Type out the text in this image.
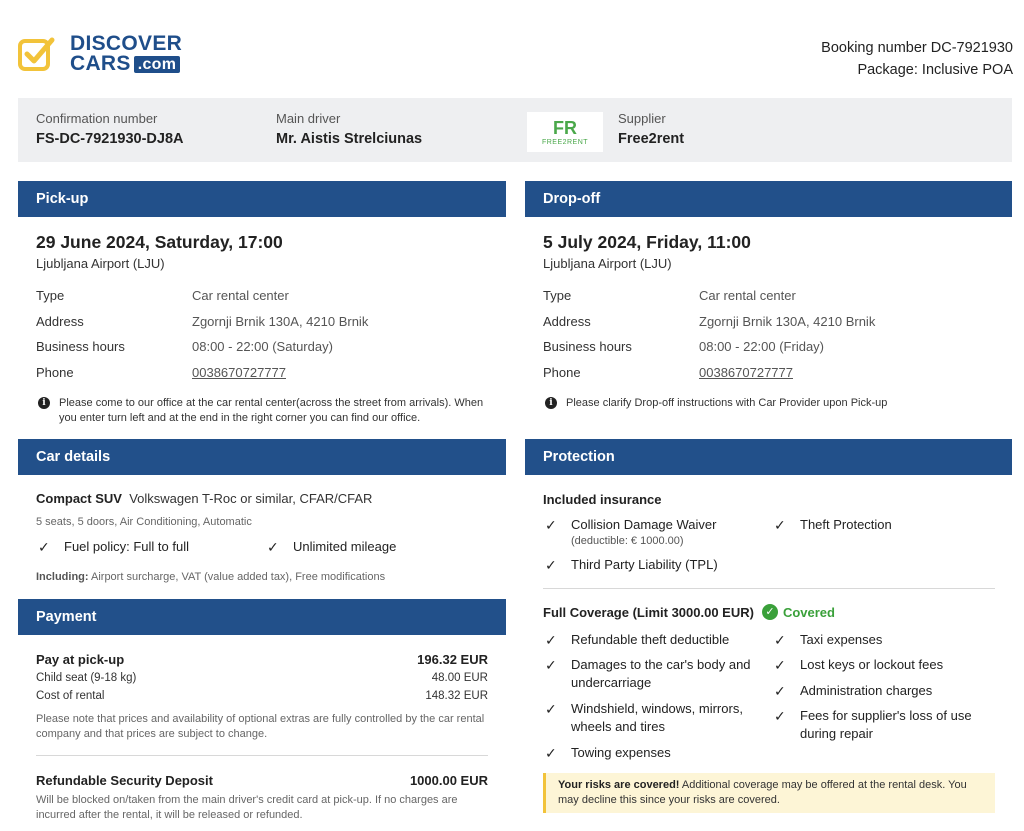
DISCOVER
CARS .com
Booking number DC-7921930
Package: Inclusive POA
Confirmation number
FS-DC-7921930-DJ8A
Main driver
Mr. Aistis Strelciunas
FR
FREE2RENT
Supplier
Free2rent
Pick-up
29 June 2024, Saturday, 17:00
Ljubljana Airport (LJU)
Type	Car rental center
Address	Zgornji Brnik 130A, 4210 Brnik
Business hours	08:00 - 22:00 (Saturday)
Phone	0038670727777
i	Please come to our office at the car rental center(across the street from arrivals). When you enter turn left and at the end in the right corner you can find our office.
Drop-off
5 July 2024, Friday, 11:00
Ljubljana Airport (LJU)
Type	Car rental center
Address	Zgornji Brnik 130A, 4210 Brnik
Business hours	08:00 - 22:00 (Friday)
Phone	0038670727777
i	Please clarify Drop-off instructions with Car Provider upon Pick-up
Car details
Compact SUV Volkswagen T-Roc or similar, CFAR/CFAR
5 seats, 5 doors, Air Conditioning, Automatic
✓ Fuel policy: Full to full	✓ Unlimited mileage
Including: Airport surcharge, VAT (value added tax), Free modifications
Payment
Pay at pick-up	196.32 EUR
Child seat (9-18 kg)	48.00 EUR
Cost of rental	148.32 EUR
Please note that prices and availability of optional extras are fully controlled by the car rental company and that prices are subject to change.
Refundable Security Deposit	1000.00 EUR
Will be blocked on/taken from the main driver's credit card at pick-up. If no charges are incurred after the rental, it will be released or refunded.
Protection
Included insurance
✓ Collision Damage Waiver
(deductible: € 1000.00)
✓ Theft Protection
✓ Third Party Liability (TPL)
Full Coverage (Limit 3000.00 EUR)	✓ Covered
✓ Refundable theft deductible
✓ Damages to the car's body and undercarriage
✓ Windshield, windows, mirrors, wheels and tires
✓ Towing expenses
✓ Taxi expenses
✓ Lost keys or lockout fees
✓ Administration charges
✓ Fees for supplier's loss of use during repair
Your risks are covered! Additional coverage may be offered at the rental desk. You may decline this since your risks are covered.
